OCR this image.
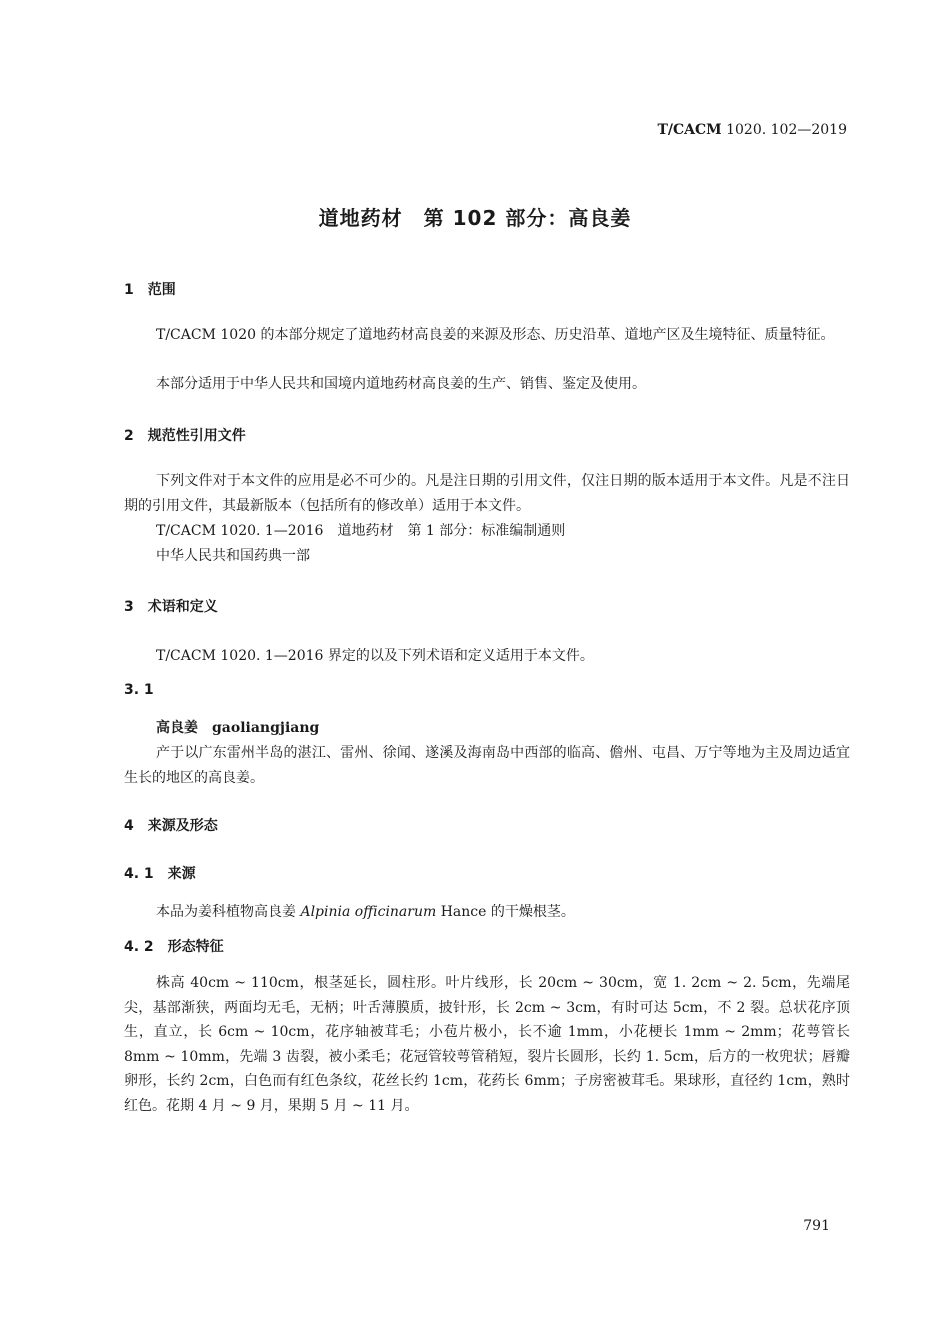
T/CACM 1020. 102—2019
道地药材　第 102 部分：高良姜
1　范围

T/CACM 1020 的本部分规定了道地药材高良姜的来源及形态、历史沿革、道地产区及生境特征、质量特征。

本部分适用于中华人民共和国境内道地药材高良姜的生产、销售、鉴定及使用。

2　规范性引用文件

下列文件对于本文件的应用是必不可少的。凡是注日期的引用文件，仅注日期的版本适用于本文件。凡是不注日期的引用文件，其最新版本（包括所有的修改单）适用于本文件。

T/CACM 1020. 1—2016　道地药材　第 1 部分：标准编制通则
中华人民共和国药典一部
3　术语和定义
T/CACM 1020. 1—2016 界定的以及下列术语和定义适用于本文件。
3. 1
高良姜　gaoliangjiang

产于以广东雷州半岛的湛江、雷州、徐闻、遂溪及海南岛中西部的临高、儋州、屯昌、万宁等地为主及周边适宜生长的地区的高良姜。

4　来源及形态
4. 1　来源
本品为姜科植物高良姜 Alpinia officinarum Hance 的干燥根茎。
4. 2　形态特征

株高 40cm ~ 110cm，根茎延长，圆柱形。叶片线形，长 20cm ~ 30cm，宽 1. 2cm ~ 2. 5cm，先端尾尖，基部渐狭，两面均无毛，无柄；叶舌薄膜质，披针形，长 2cm ~ 3cm，有时可达 5cm，不 2 裂。总状花序顶生，直立，长 6cm ~ 10cm，花序轴被茸毛；小苞片极小，长不逾 1mm，小花梗长 1mm ~ 2mm；花萼管长 8mm ~ 10mm，先端 3 齿裂，被小柔毛；花冠管较萼管稍短，裂片长圆形，长约 1. 5cm，后方的一枚兜状；唇瓣卵形，长约 2cm，白色而有红色条纹，花丝长约 1cm，花药长 6mm；子房密被茸毛。果球形，直径约 1cm，熟时红色。花期 4 月 ~ 9 月，果期 5 月 ~ 11 月。

791
